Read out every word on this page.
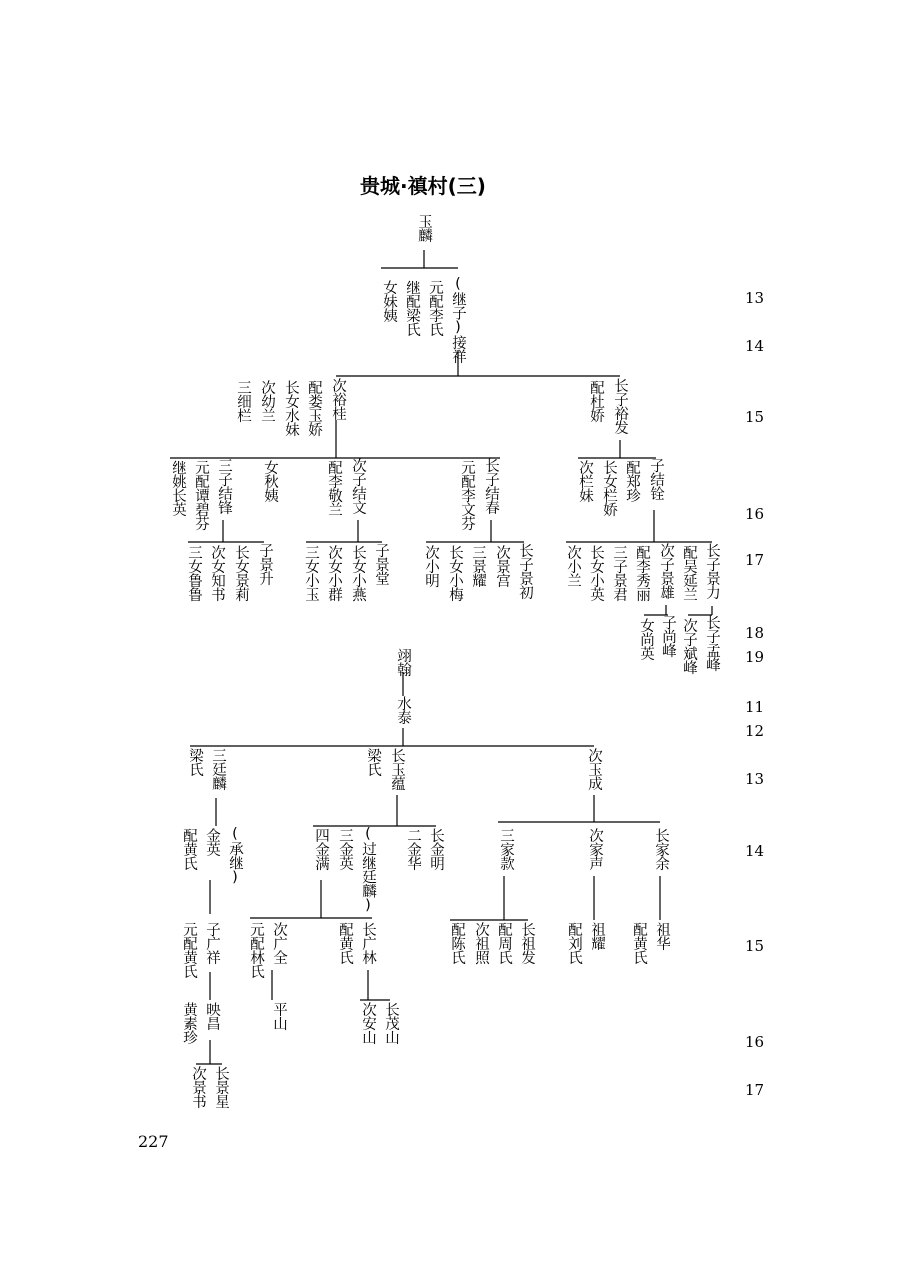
贵城·禛村(三)
玉麟
(继子)接祥
元配李氏
继配梁氏
女妹姨
长子裕发
配杜娇
次裕桂
配娄玉娇
长女水妹
次幼兰
三细栏
子结铨
配郑珍
长女栏娇
次栏妹
长子结春
元配李文芬
次子结文
配李敬兰
女秋姨
三子结锋
元配谭碧芬
继姚长英
长子景力
配吴延兰
次子景雄
配李秀丽
三子景君
长女小英
次小兰
长子景初
次景宫
三景耀
长女小梅
次小明
子景堂
长女小燕
次女小群
三女小玉
子景升
长女景莉
次女知书
三女鲁鲁
长子孟峰
次子斌峰
子尚峰
女尚英
翊翰
水泰
次玉成
长玉蕴
梁氏
三廷麟
梁氏
长家余
次家声
三家款
长金明
二金华
(过继廷麟)
三金英
四金满
(承继)
金英
配黄氏
祖华
配黄氏
祖耀
配刘氏
长祖发
配周氏
次祖照
配陈氏
长广林
配黄氏
次广全
元配林氏
子广祥
元配黄氏
长茂山
次安山
平山
映昌
黄素珍
长景星
次景书
13
14
15
16
17
18
19
11
12
13
14
15
16
17
227
